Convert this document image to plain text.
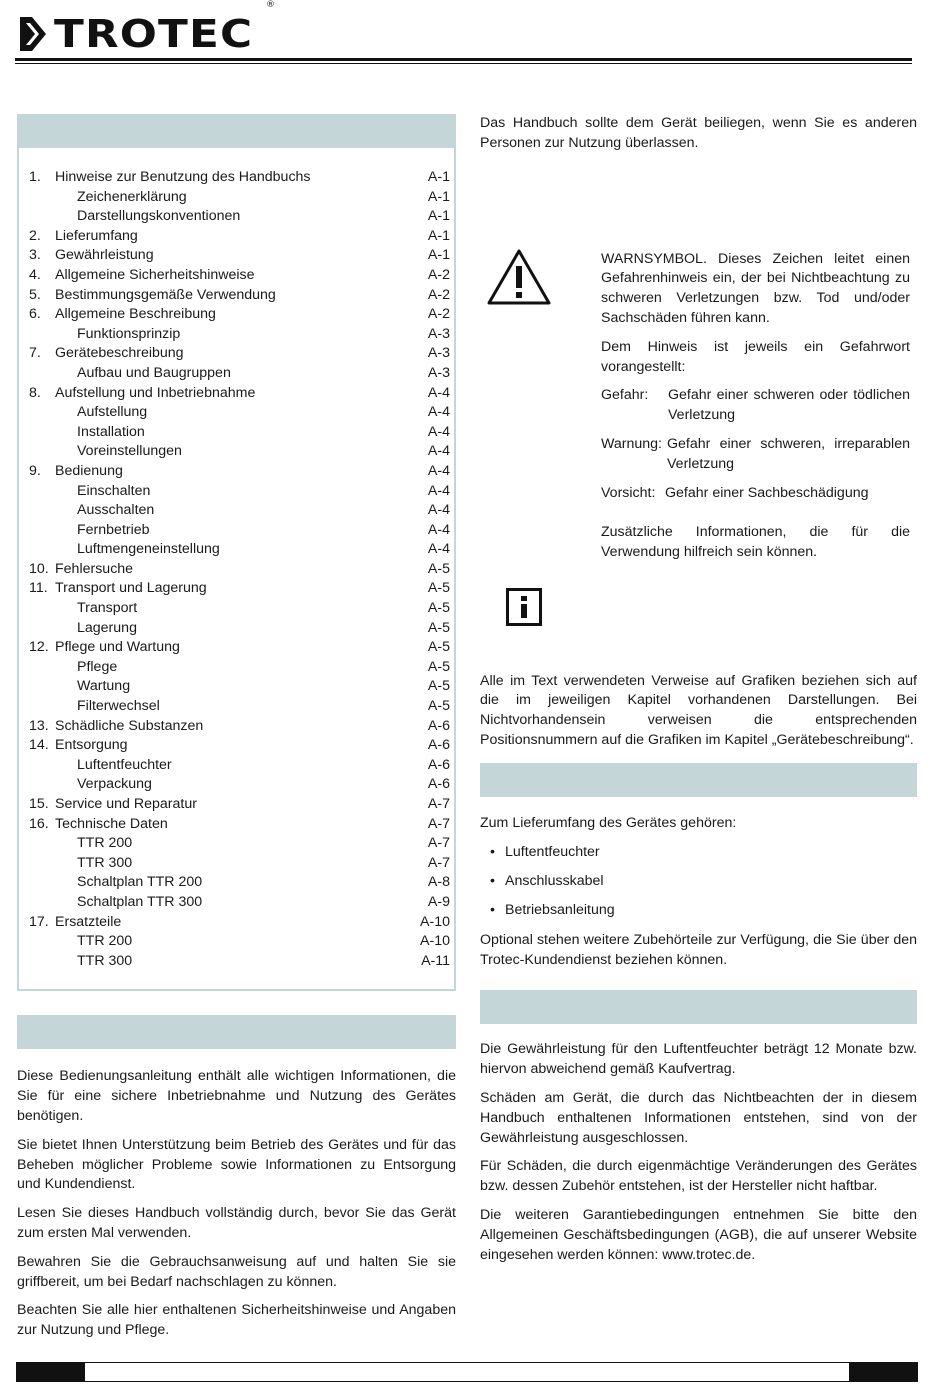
TROTEC
®
1. Hinweise zur Benutzung des Handbuchs	A-1
Zeichenerklärung	A-1
Darstellungskonventionen	A-1
2. Lieferumfang	A-1
3. Gewährleistung	A-1
4. Allgemeine Sicherheitshinweise	A-2
5. Bestimmungsgemäße Verwendung	A-2
6. Allgemeine Beschreibung	A-2
Funktionsprinzip	A-3
7. Gerätebeschreibung	A-3
Aufbau und Baugruppen	A-3
8. Aufstellung und Inbetriebnahme	A-4
Aufstellung	A-4
Installation	A-4
Voreinstellungen	A-4
9. Bedienung	A-4
Einschalten	A-4
Ausschalten	A-4
Fernbetrieb	A-4
Luftmengeneinstellung	A-4
10. Fehlersuche	A-5
11. Transport und Lagerung	A-5
Transport	A-5
Lagerung	A-5
12. Pflege und Wartung	A-5
Pflege	A-5
Wartung	A-5
Filterwechsel	A-5
13. Schädliche Substanzen	A-6
14. Entsorgung	A-6
Luftentfeuchter	A-6
Verpackung	A-6
15. Service und Reparatur	A-7
16. Technische Daten	A-7
TTR 200	A-7
TTR 300	A-7
Schaltplan TTR 200	A-8
Schaltplan TTR 300	A-9
17. Ersatzteile	A-10
TTR 200	A-10
TTR 300	A-11

Diese Bedienungsanleitung enthält alle wichtigen Informationen, die Sie für eine sichere Inbetriebnahme und Nutzung des Gerätes benötigen.

Sie bietet Ihnen Unterstützung beim Betrieb des Gerätes und für das Beheben möglicher Probleme sowie Informationen zu Entsorgung und Kundendienst.

Lesen Sie dieses Handbuch vollständig durch, bevor Sie das Gerät zum ersten Mal verwenden.

Bewahren Sie die Gebrauchsanweisung auf und halten Sie sie griffbereit, um bei Bedarf nachschlagen zu können.

Beachten Sie alle hier enthaltenen Sicherheitshinweise und Angaben zur Nutzung und Pflege.

Das Handbuch sollte dem Gerät beiliegen, wenn Sie es anderen Personen zur Nutzung überlassen.

WARNSYMBOL. Dieses Zeichen leitet einen Gefahrenhinweis ein, der bei Nichtbeachtung zu schweren Verletzungen bzw. Tod und/oder Sachschäden führen kann.

Dem Hinweis ist jeweils ein Gefahrwort vorangestellt:

Gefahr:	Gefahr einer schweren oder tödlichen Verletzung
Warnung: Gefahr einer schweren, irreparablen Verletzung
Vorsicht: Gefahr einer Sachbeschädigung

Zusätzliche Informationen, die für die Verwendung hilfreich sein können.

Alle im Text verwendeten Verweise auf Grafiken beziehen sich auf die im jeweiligen Kapitel vorhandenen Darstellungen. Bei Nichtvorhandensein verweisen die entsprechenden Positionsnummern auf die Grafiken im Kapitel „Gerätebeschreibung“.

Zum Lieferumfang des Gerätes gehören:

• Luftentfeuchter
• Anschlusskabel
• Betriebsanleitung

Optional stehen weitere Zubehörteile zur Verfügung, die Sie über den Trotec-Kundendienst beziehen können.

Die Gewährleistung für den Luftentfeuchter beträgt 12 Monate bzw. hiervon abweichend gemäß Kaufvertrag.

Schäden am Gerät, die durch das Nichtbeachten der in diesem Handbuch enthaltenen Informationen entstehen, sind von der Gewährleistung ausgeschlossen.

Für Schäden, die durch eigenmächtige Veränderungen des Gerätes bzw. dessen Zubehör entstehen, ist der Hersteller nicht haftbar.

Die weiteren Garantiebedingungen entnehmen Sie bitte den Allgemeinen Geschäftsbedingungen (AGB), die auf unserer Website eingesehen werden können: www.trotec.de.
